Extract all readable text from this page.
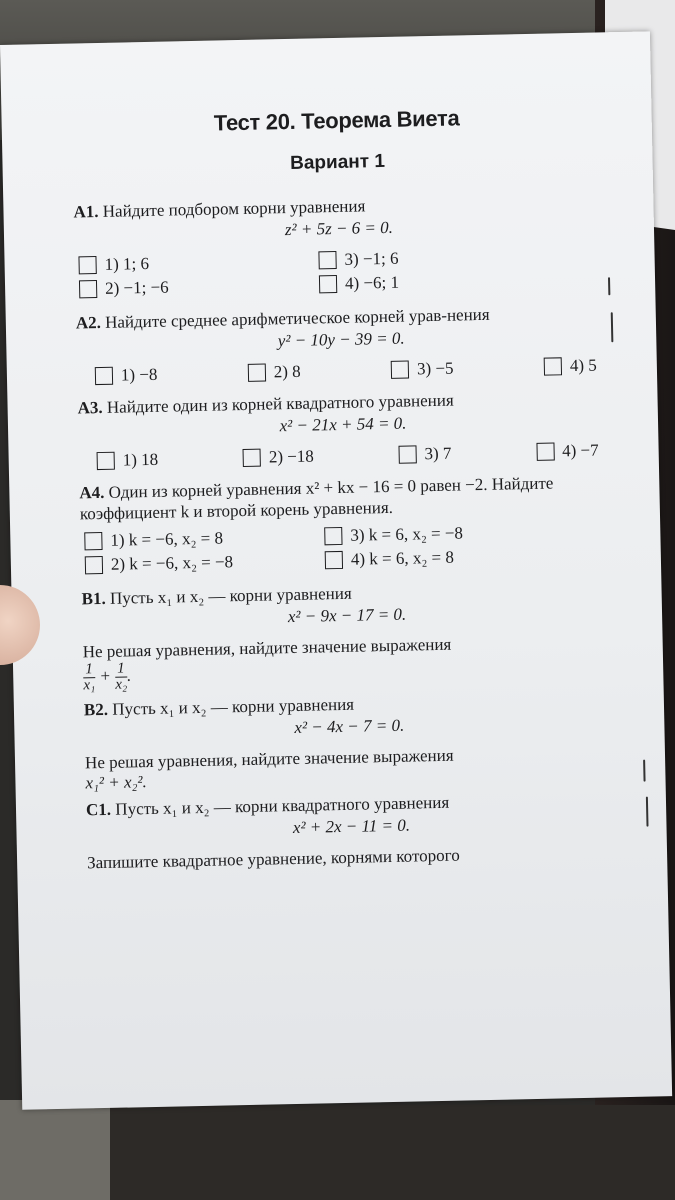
Тест 20. Теорема Виета
Вариант 1

А1. Найдите подбором корни уравнения

z² + 5z − 6 = 0.
1) 1; 6	3) −1; 6
2) −1; −6	4) −6; 1

А2. Найдите среднее арифметическое корней урав-нения

y² − 10y − 39 = 0.
1) −8	2) 8	3) −5	4) 5

А3. Найдите один из корней квадратного уравнения

x² − 21x + 54 = 0.
1) 18	2) −18	3) 7	4) −7

А4. Один из корней уравнения x² + kx − 16 = 0 равен −2. Найдите коэффициент k и второй корень уравнения.

1) k = −6, x₂ = 8	3) k = 6, x₂ = −8
2) k = −6, x₂ = −8	4) k = 6, x₂ = 8

В1. Пусть x₁ и x₂ — корни уравнения

x² − 9x − 17 = 0.

Не решая уравнения, найдите значение выражения

$\frac{1}{\text{x₁}} + \frac{1}{\text{x₂}}$ .

В2. Пусть x₁ и x₂ — корни уравнения

x² − 4x − 7 = 0.

Не решая уравнения, найдите значение выражения

x₁² + x₂².

С1. Пусть x₁ и x₂ — корни квадратного уравнения

x² + 2x − 11 = 0.

Запишите квадратное уравнение, корнями которого
